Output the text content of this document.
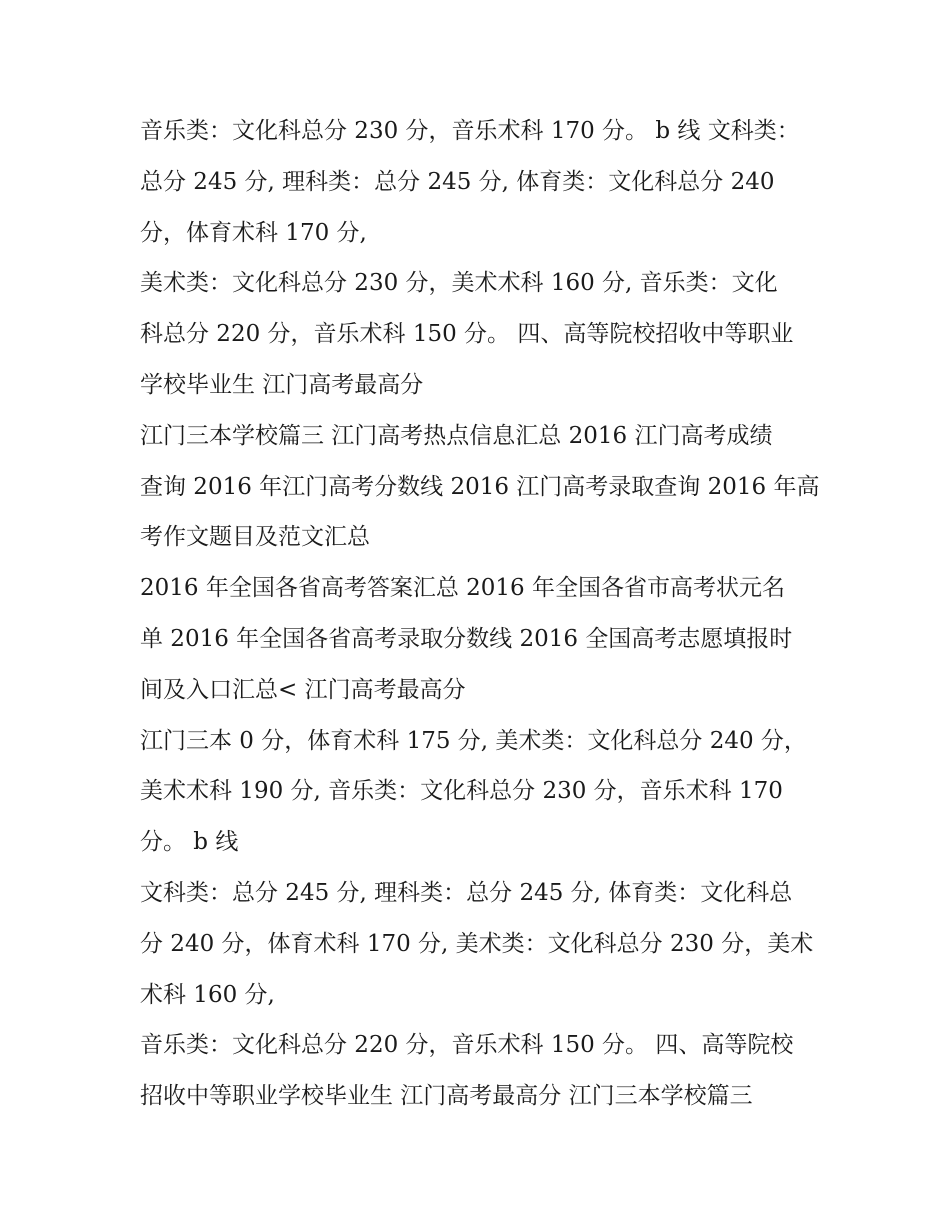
音乐类：文化科总分 230 分，音乐术科 170 分。 b 线 文科类：
总分 245 分, 理科类：总分 245 分, 体育类：文化科总分 240
分，体育术科 170 分,

美术类：文化科总分 230 分，美术术科 160 分, 音乐类：文化
科总分 220 分，音乐术科 150 分。 四、高等院校招收中等职业
学校毕业生 江门高考最高分

江门三本学校篇三 江门高考热点信息汇总 2016 江门高考成绩
查询 2016 年江门高考分数线 2016 江门高考录取查询 2016 年高
考作文题目及范文汇总

2016 年全国各省高考答案汇总 2016 年全国各省市高考状元名
单 2016 年全国各省高考录取分数线 2016 全国高考志愿填报时
间及入口汇总< 江门高考最高分

江门三本 0 分，体育术科 175 分, 美术类：文化科总分 240 分，
美术术科 190 分, 音乐类：文化科总分 230 分，音乐术科 170
分。 b 线

文科类：总分 245 分, 理科类：总分 245 分, 体育类：文化科总
分 240 分，体育术科 170 分, 美术类：文化科总分 230 分，美术
术科 160 分,

音乐类：文化科总分 220 分，音乐术科 150 分。 四、高等院校
招收中等职业学校毕业生 江门高考最高分 江门三本学校篇三
